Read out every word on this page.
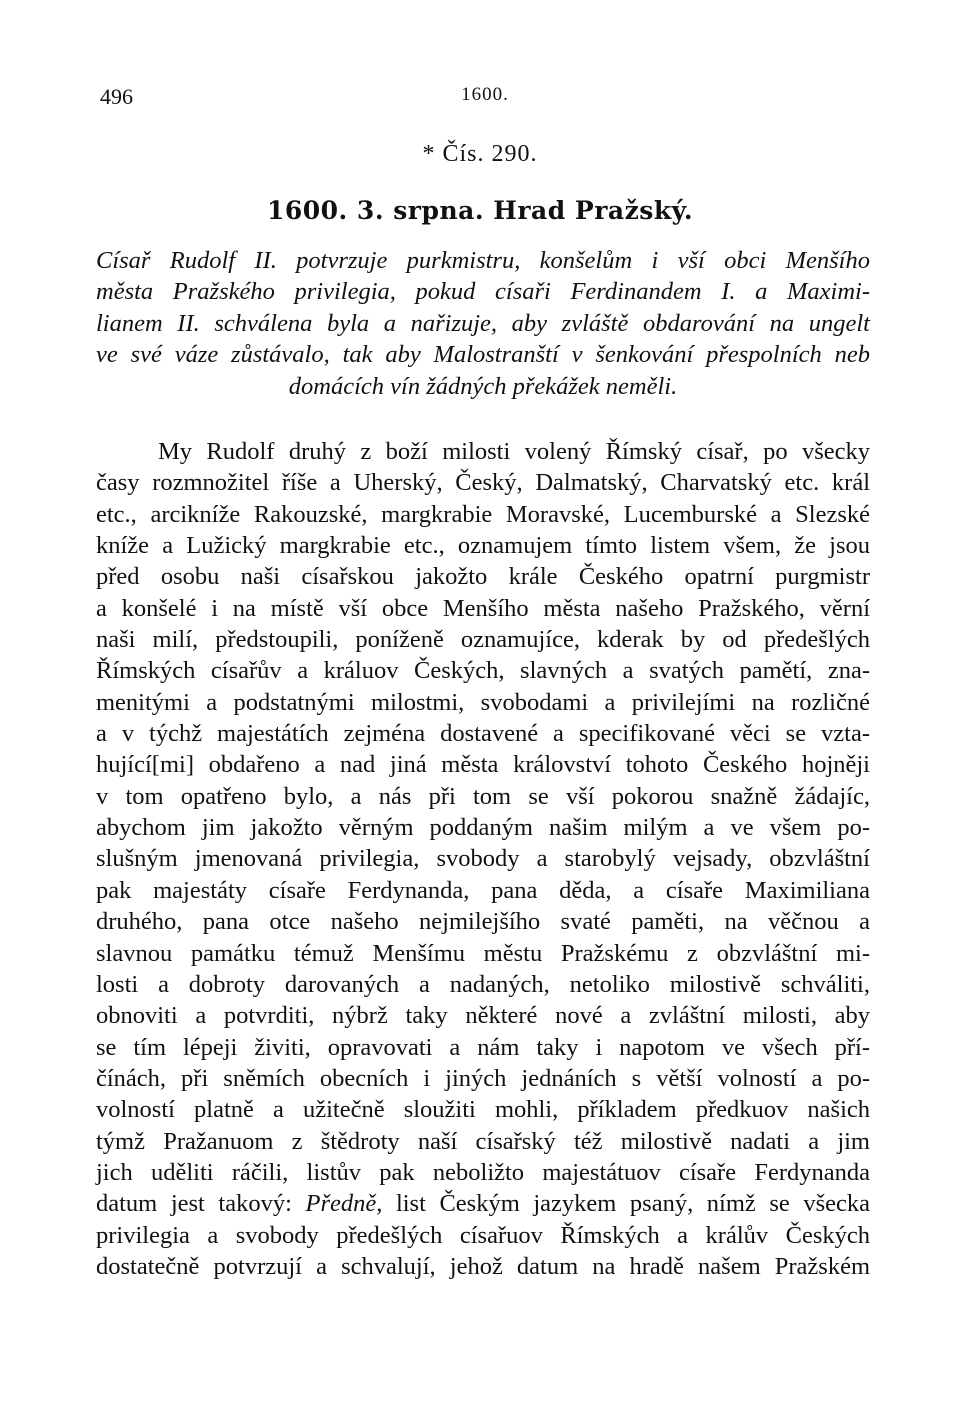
496	1600.
* Čís. 290.
1600. 3. srpna. Hrad Pražský.
Císař Rudolf II. potvrzuje purkmistru, konšelům i vší obci Menšího
města Pražského privilegia, pokud císaři Ferdinandem I. a Maximi-
lianem II. schválena byla a nařizuje, aby zvláště obdarování na ungelt
ve své váze zůstávalo, tak aby Malostranští v šenkování přespolních neb
domácích vín žádných překážek neměli.
My Rudolf druhý z boží milosti volený Římský císař, po všecky
časy rozmnožitel říše a Uherský, Český, Dalmatský, Charvatský etc. král
etc., arcikníže Rakouzské, margkrabie Moravské, Lucemburské a Slezské
kníže a Lužický margkrabie etc., oznamujem tímto listem všem, že jsou
před osobu naši císařskou jakožto krále Českého opatrní purgmistr
a konšelé i na místě vší obce Menšího města našeho Pražského, věrní
naši milí, předstoupili, poníženě oznamujíce, kderak by od předešlých
Římských císařův a králuov Českých, slavných a svatých pamětí, zna-
menitými a podstatnými milostmi, svobodami a privilejími na rozličné
a v týchž majestátích zejména dostavené a specifikované věci se vzta-
hující[mi] obdařeno a nad jiná města království tohoto Českého hojněji
v tom opatřeno bylo, a nás při tom se vší pokorou snažně žádajíc,
abychom jim jakožto věrným poddaným našim milým a ve všem po-
slušným jmenovaná privilegia, svobody a starobylý vejsady, obzvláštní
pak majestáty císaře Ferdynanda, pana děda, a císaře Maximiliana
druhého, pana otce našeho nejmilejšího svaté paměti, na věčnou a
slavnou památku témuž Menšímu městu Pražskému z obzvláštní mi-
losti a dobroty darovaných a nadaných, netoliko milostivě schváliti,
obnoviti a potvrditi, nýbrž taky některé nové a zvláštní milosti, aby
se tím lépeji živiti, opravovati a nám taky i napotom ve všech pří-
čínách, při sněmích obecních i jiných jednáních s větší volností a po-
volností platně a užitečně sloužiti mohli, příkladem předkuov našich
týmž Pražanuom z štědroty naší císařský též milostivě nadati a jim
jich uděliti ráčili, listův pak neboližto majestátuov císaře Ferdynanda
datum jest takový: Předně, list Českým jazykem psaný, nímž se všecka
privilegia a svobody předešlých císařuov Římských a králův Českých
dostatečně potvrzují a schvalují, jehož datum na hradě našem Pražském
